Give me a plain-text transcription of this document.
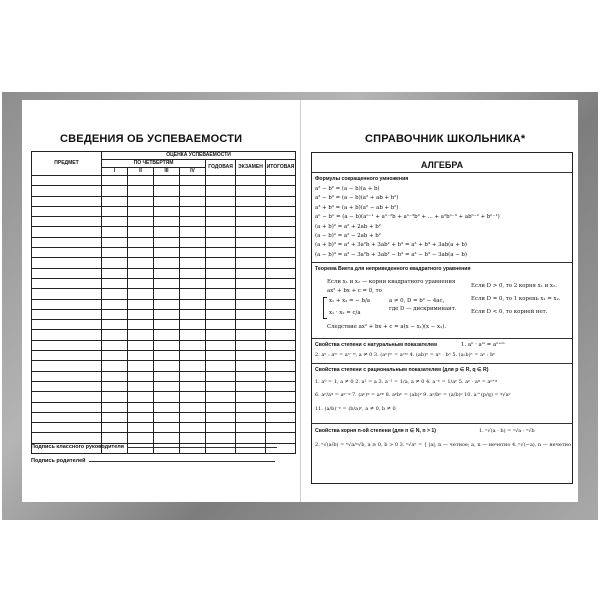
СВЕДЕНИЯ ОБ УСПЕВАЕМОСТИ
ПРЕДМЕТ	ОЦЕНКА УСПЕВАЕМОСТИ						
	ПО ЧЕТВЕРТЯМ				ГОДОВАЯ	ЭКЗАМЕН	ИТОГОВАЯ
	I	II	III	IV			

Подпись классного руководителя
Подпись родителей
СПРАВОЧНИК ШКОЛЬНИКА*
АЛГЕБРА
Формулы сокращенного умножения
a² − b² = (a − b)(a + b)
a³ − b³ = (a − b)(a² + ab + b²)
a³ + b³ = (a + b)(a² − ab + b²)
aⁿ − bⁿ = (a − b)(aⁿ⁻¹ + aⁿ⁻²b + aⁿ⁻³b² + ... + a²bⁿ⁻³ + abⁿ⁻² + bⁿ⁻¹)
(a + b)² = a² + 2ab + b²
(a − b)² = a² − 2ab + b²
(a + b)³ = a³ + 3a²b + 3ab² + b³ = a³ + b³ + 3ab(a + b)
(a − b)³ = a³ − 3a²b + 3ab² − b³ = a³ − b³ − 3ab(a − b)
Теорема Виета для неприведенного квадратного уравнения
Если x₁ и x₂ — корни квадратного уравнения
ax² + bx + c = 0, то
x₁ + x₂ = − b/a
x₁ · x₂ = c/a
a ≠ 0, D = b² − 4ac,
где D — дискриминант.
Следствие ax² + bx + c = a(x − x₁)(x − x₂).
Если D > 0, то 2 корня x₁ и x₂.
Если D = 0, то 1 корень x₁ = x₂.
Если D < 0, то корней нет.
Свойства степени с натуральным показателем	1. aⁿ · aᵐ = aⁿ⁺ᵐ
2. aⁿ : aᵐ = aⁿ⁻ᵐ, a ≠ 0 3. (aⁿ)ᵐ = aⁿᵐ 4. (ab)ⁿ = aⁿ · bⁿ 5. (a:b)ⁿ = aⁿ : bⁿ
Свойства степени с рациональным показателем (для p ∈ R, q ∈ R)
1. a⁰ = 1, a ≠ 0 2. a¹ = a 3. a⁻¹ = 1/a, a ≠ 0 4. a⁻ᵖ = 1/aᵖ 5. aᵖ · aᵠ = aᵖ⁺ᵠ
6. aᵖ/aᵠ = aᵖ⁻ᵠ 7. (aᵖ)ᵠ = aᵖᵠ 8. aᵖbᵖ = (ab)ᵖ 9. aᵖ/bᵖ = (a/b)ᵖ 10. a^(p/q) = ᵠ√aᵖ
11. (a/b)⁻ᵖ = (b/a)ᵖ, a ≠ 0, b ≠ 0
Свойства корня n-ой степени (для n ∈ N, n > 1)	1. ⁿ√(a · b) = ⁿ√a · ⁿ√b
2. ⁿ√(a/b) = ⁿ√a/ⁿ√b, a ≥ 0, b > 0 3. ⁿ√aⁿ = { |a|, n — четное; a, n — нечетно 4. ⁿ√(−a), n — нечетно
